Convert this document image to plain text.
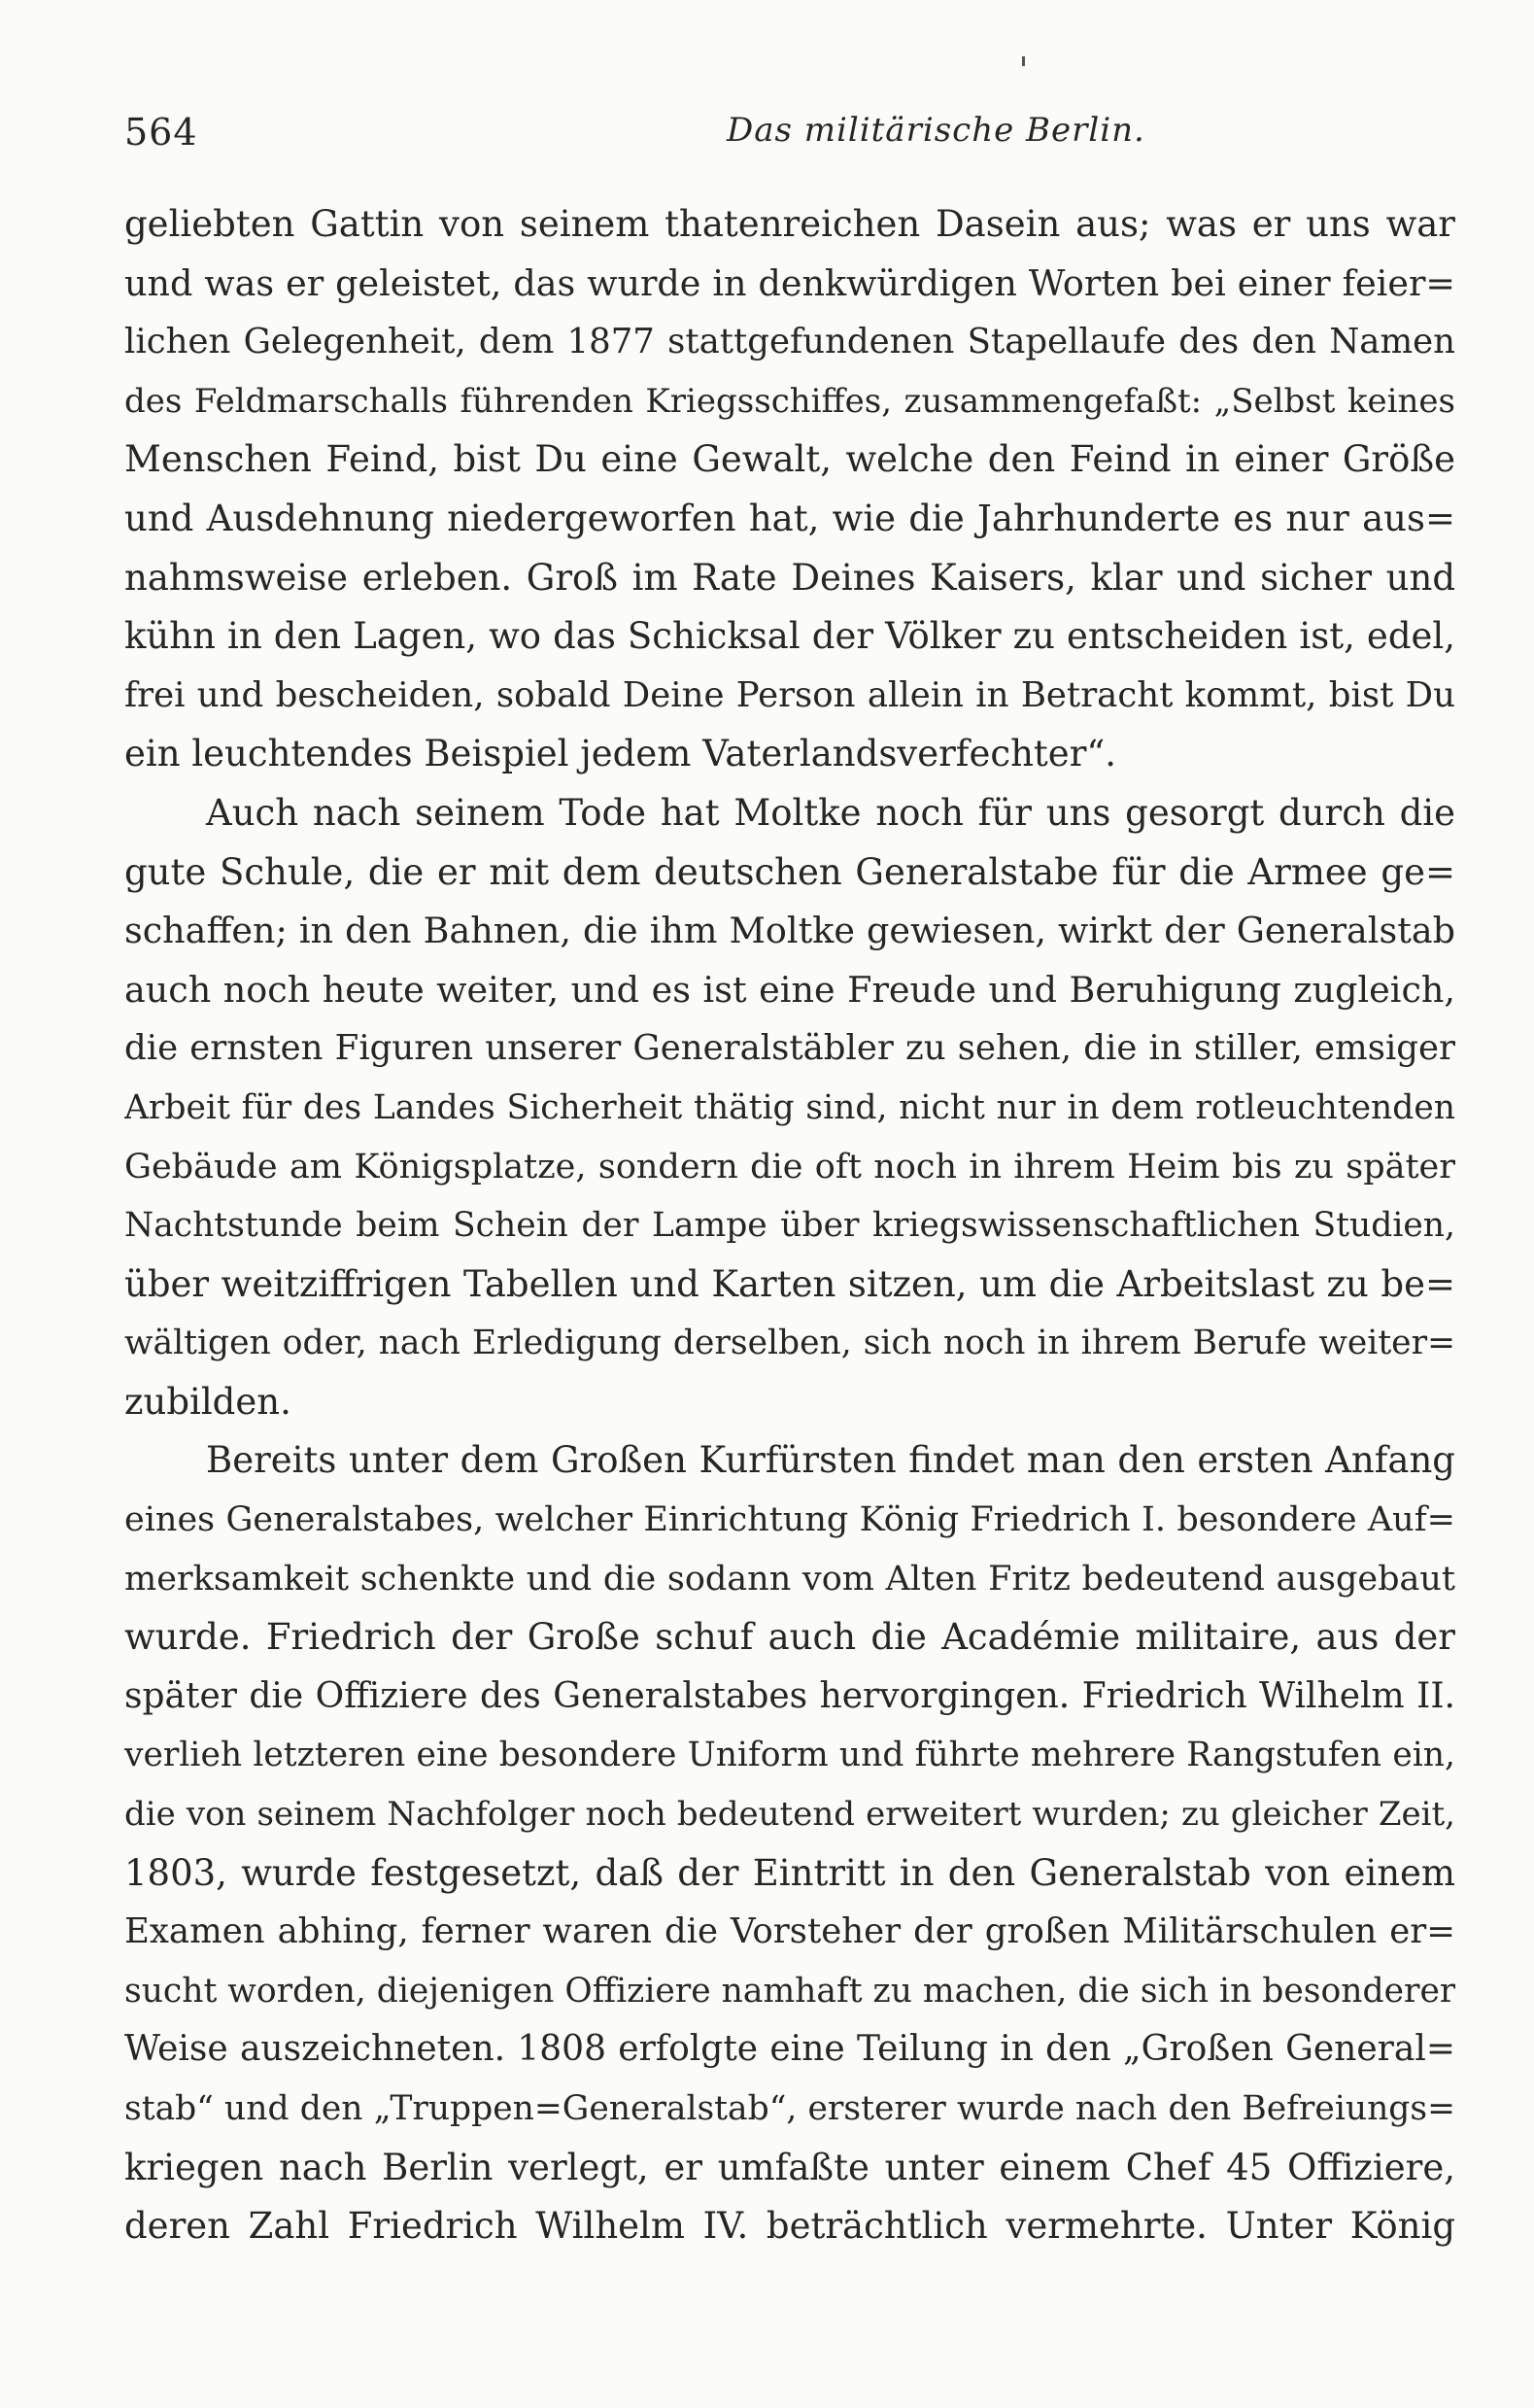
564	Das militärische Berlin.
geliebten Gattin von seinem thatenreichen Dasein aus; was er uns war
und was er geleistet, das wurde in denkwürdigen Worten bei einer feier=
lichen Gelegenheit, dem 1877 stattgefundenen Stapellaufe des den Namen
des Feldmarschalls führenden Kriegsschiffes, zusammengefaßt: „Selbst keines
Menschen Feind, bist Du eine Gewalt, welche den Feind in einer Größe
und Ausdehnung niedergeworfen hat, wie die Jahrhunderte es nur aus=
nahmsweise erleben. Groß im Rate Deines Kaisers, klar und sicher und
kühn in den Lagen, wo das Schicksal der Völker zu entscheiden ist, edel,
frei und bescheiden, sobald Deine Person allein in Betracht kommt, bist Du
ein leuchtendes Beispiel jedem Vaterlandsverfechter“.
Auch nach seinem Tode hat Moltke noch für uns gesorgt durch die
gute Schule, die er mit dem deutschen Generalstabe für die Armee ge=
schaffen; in den Bahnen, die ihm Moltke gewiesen, wirkt der Generalstab
auch noch heute weiter, und es ist eine Freude und Beruhigung zugleich,
die ernsten Figuren unserer Generalstäbler zu sehen, die in stiller, emsiger
Arbeit für des Landes Sicherheit thätig sind, nicht nur in dem rotleuchtenden
Gebäude am Königsplatze, sondern die oft noch in ihrem Heim bis zu später
Nachtstunde beim Schein der Lampe über kriegswissenschaftlichen Studien,
über weitziffrigen Tabellen und Karten sitzen, um die Arbeitslast zu be=
wältigen oder, nach Erledigung derselben, sich noch in ihrem Berufe weiter=
zubilden.
Bereits unter dem Großen Kurfürsten findet man den ersten Anfang
eines Generalstabes, welcher Einrichtung König Friedrich I. besondere Auf=
merksamkeit schenkte und die sodann vom Alten Fritz bedeutend ausgebaut
wurde. Friedrich der Große schuf auch die Académie militaire, aus der
später die Offiziere des Generalstabes hervorgingen. Friedrich Wilhelm II.
verlieh letzteren eine besondere Uniform und führte mehrere Rangstufen ein,
die von seinem Nachfolger noch bedeutend erweitert wurden; zu gleicher Zeit,
1803, wurde festgesetzt, daß der Eintritt in den Generalstab von einem
Examen abhing, ferner waren die Vorsteher der großen Militärschulen er=
sucht worden, diejenigen Offiziere namhaft zu machen, die sich in besonderer
Weise auszeichneten. 1808 erfolgte eine Teilung in den „Großen General=
stab“ und den „Truppen=Generalstab“, ersterer wurde nach den Befreiungs=
kriegen nach Berlin verlegt, er umfaßte unter einem Chef 45 Offiziere,
deren Zahl Friedrich Wilhelm IV. beträchtlich vermehrte. Unter König
